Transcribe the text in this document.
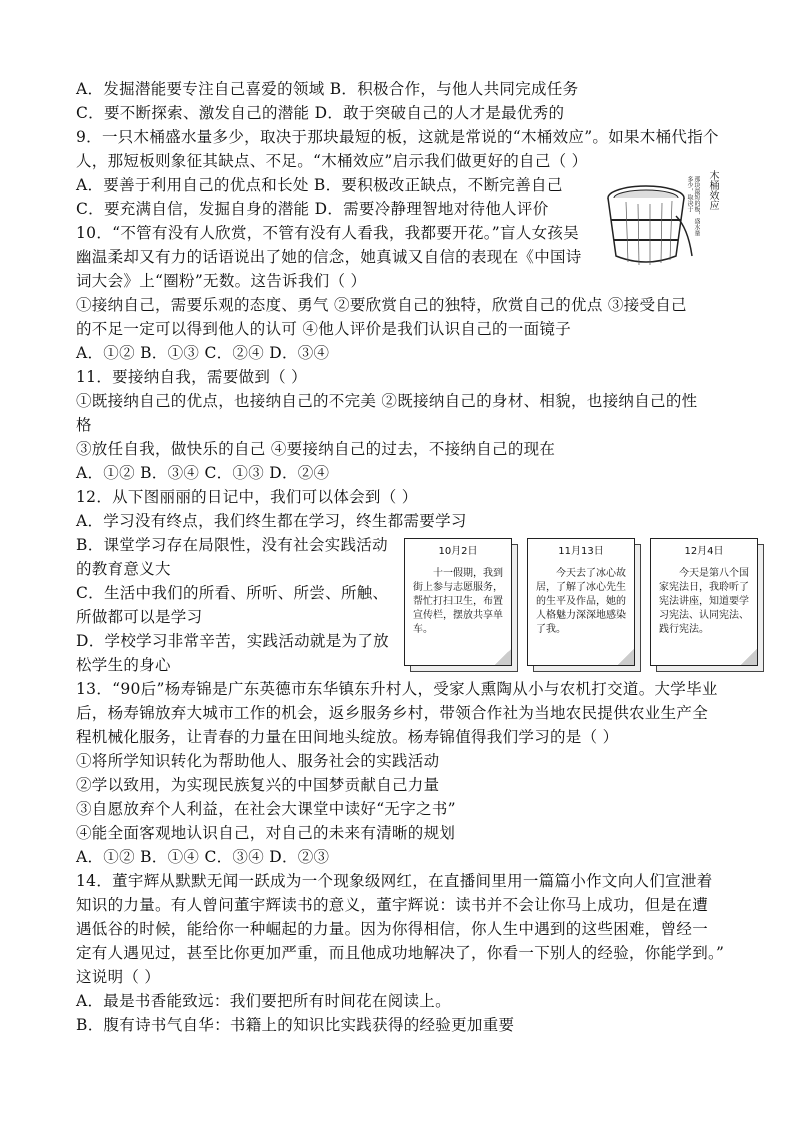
A．发掘潜能要专注自己喜爱的领域 B．积极合作，与他人共同完成任务
C．要不断探索、激发自己的潜能 D．敢于突破自己的人才是最优秀的
9．一只木桶盛水量多少，取决于那块最短的板，这就是常说的“木桶效应”。如果木桶代指个
人，那短板则象征其缺点、不足。“木桶效应”启示我们做更好的自己（ ）
A．要善于利用自己的优点和长处 B．要积极改正缺点，不断完善自己
C．要充满自信，发掘自身的潜能 D．需要冷静理智地对待他人评价
10．“不管有没有人欣赏，不管有没有人看我，我都要开花。”盲人女孩吴
幽温柔却又有力的话语说出了她的信念，她真诚又自信的表现在《中国诗
词大会》上“圈粉”无数。这告诉我们（ ）
①接纳自己，需要乐观的态度、勇气 ②要欣赏自己的独特，欣赏自己的优点 ③接受自己
的不足一定可以得到他人的认可 ④他人评价是我们认识自己的一面镜子
A．①② B．①③ C．②④ D．③④
11．要接纳自我，需要做到（ ）
①既接纳自己的优点，也接纳自己的不完美 ②既接纳自己的身材、相貌，也接纳自己的性
格
③放任自我，做快乐的自己 ④要接纳自己的过去，不接纳自己的现在
A．①② B．③④ C．①③ D．②④
12．从下图丽丽的日记中，我们可以体会到（ ）
A．学习没有终点，我们终生都在学习，终生都需要学习
B．课堂学习存在局限性，没有社会实践活动
的教育意义大
C．生活中我们的所看、所听、所尝、所触、
所做都可以是学习
D．学校学习非常辛苦，实践活动就是为了放
松学生的身心
13．“90后”杨寿锦是广东英德市东华镇东升村人，受家人熏陶从小与农机打交道。大学毕业
后，杨寿锦放弃大城市工作的机会，返乡服务乡村，带领合作社为当地农民提供农业生产全
程机械化服务，让青春的力量在田间地头绽放。杨寿锦值得我们学习的是（ ）
①将所学知识转化为帮助他人、服务社会的实践活动
②学以致用，为实现民族复兴的中国梦贡献自己力量
③自愿放弃个人利益，在社会大课堂中读好“无字之书”
④能全面客观地认识自己，对自己的未来有清晰的规划
A．①② B．①④ C．③④ D．②③
14．董宇辉从默默无闻一跃成为一个现象级网红，在直播间里用一篇篇小作文向人们宣泄着
知识的力量。有人曾问董宇辉读书的意义，董宇辉说：读书并不会让你马上成功，但是在遭
遇低谷的时候，能给你一种崛起的力量。因为你得相信，你人生中遇到的这些困难，曾经一
定有人遇见过，甚至比你更加严重，而且他成功地解决了，你看一下别人的经验，你能学到。”
这说明（ ）
A．最是书香能致远：我们要把所有时间花在阅读上。
B．腹有诗书气自华：书籍上的知识比实践获得的经验更加重要
木桶效应
那块最短的板，盛水量多少，取决于
10月2日
十一假期，我到街上参与志愿服务，帮忙打扫卫生，布置宣传栏，摆放共享单车。
11月13日
今天去了冰心故居，了解了冰心先生的生平及作品，她的人格魅力深深地感染了我。
12月4日
今天是第八个国家宪法日，我聆听了宪法讲座，知道要学习宪法、认同宪法、践行宪法。
